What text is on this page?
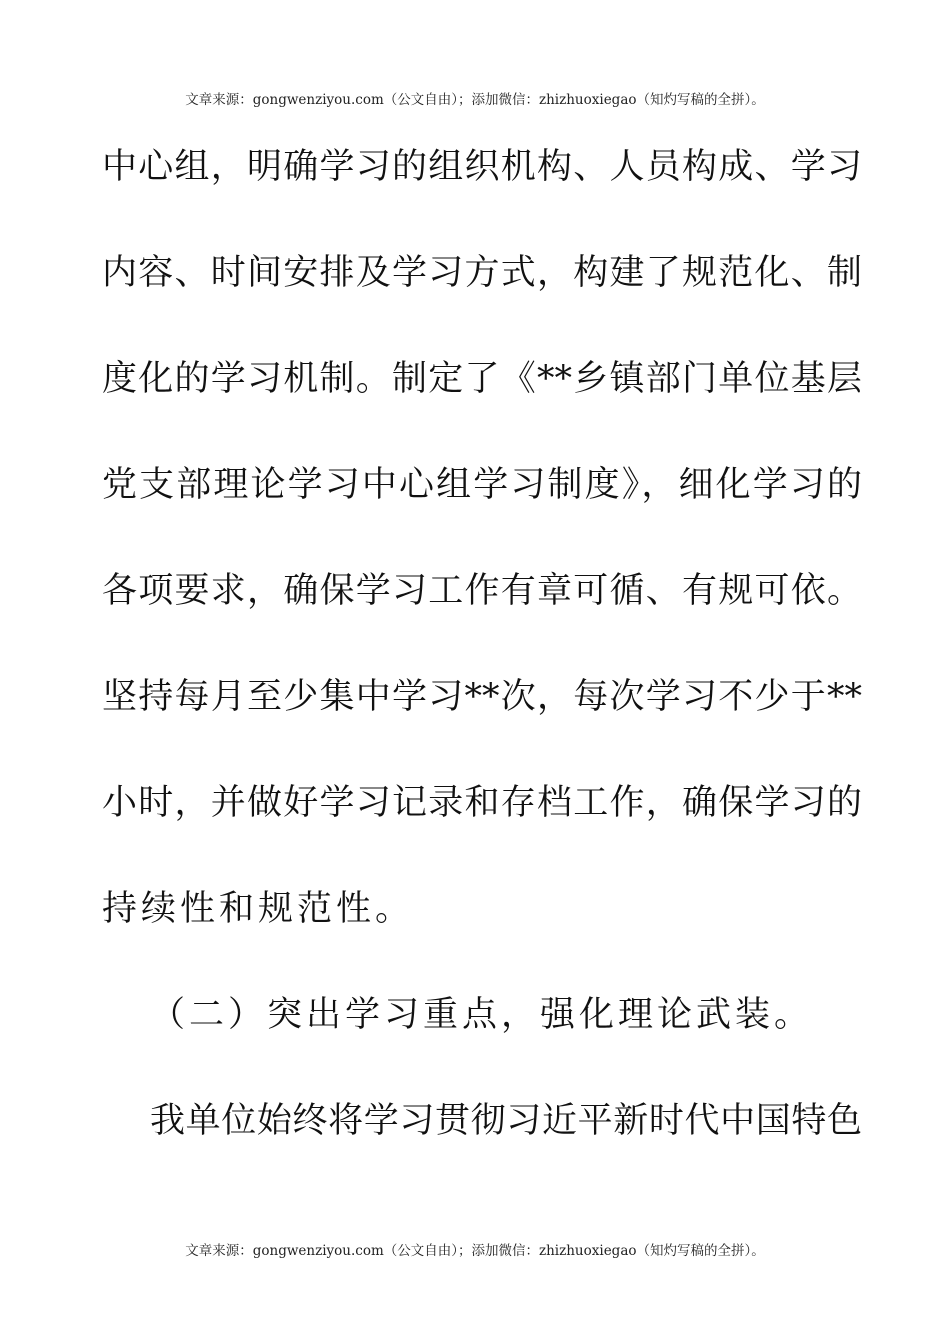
文章来源：gongwenziyou.com（公文自由）；添加微信：zhizhuoxiegao（知灼写稿的全拼）。
中心组，明确学习的组织机构、人员构成、学习
内容、时间安排及学习方式，构建了规范化、制
度化的学习机制。制定了《**乡镇部门单位基层
党支部理论学习中心组学习制度》，细化学习的
各项要求，确保学习工作有章可循、有规可依。
坚持每月至少集中学习**次，每次学习不少于**
小时，并做好学习记录和存档工作，确保学习的
持续性和规范性。
（二）突出学习重点，强化理论武装。
我单位始终将学习贯彻习近平新时代中国特色
文章来源：gongwenziyou.com（公文自由）；添加微信：zhizhuoxiegao（知灼写稿的全拼）。
